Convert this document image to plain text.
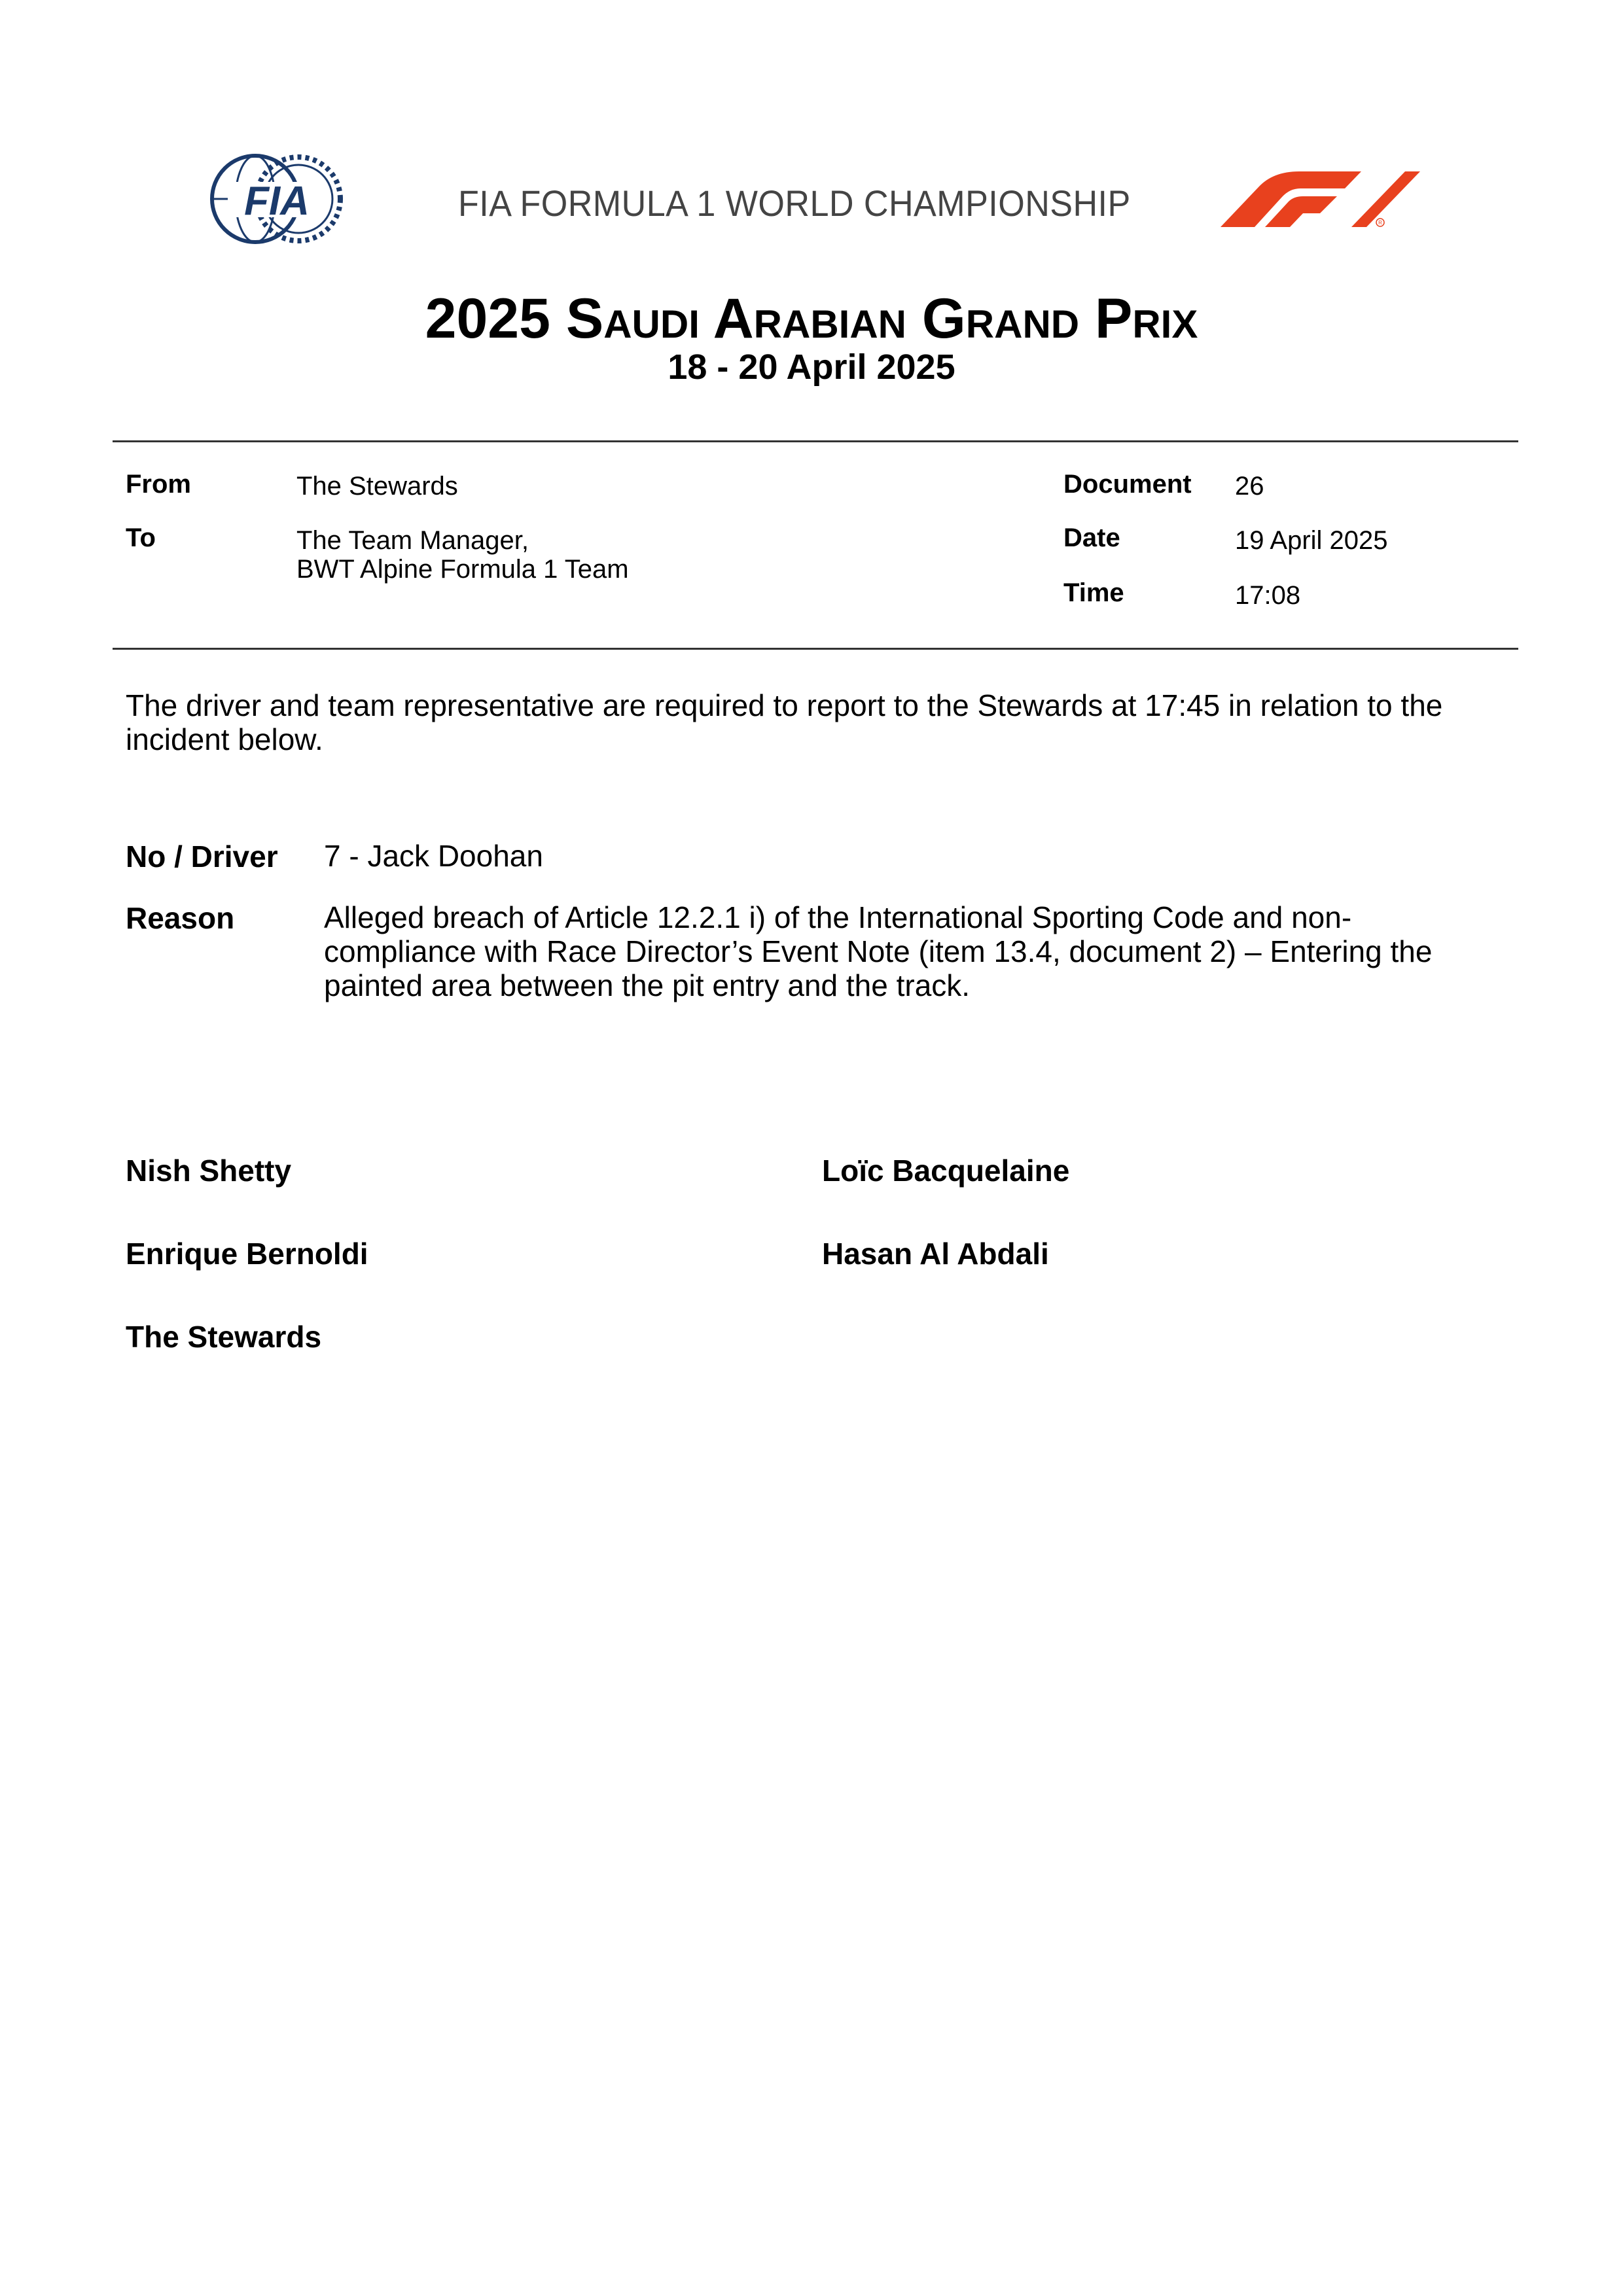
FIA	FIA FORMULA 1 WORLD CHAMPIONSHIP	R
2025 Saudi Arabian Grand Prix
18 - 20 April 2025
From	The Stewards
To	The Team Manager,
BWT Alpine Formula 1 Team
Document 26
Date	19 April 2025
Time	17:08
The driver and team representative are required to report to the Stewards at 17:45 in relation to the
incident below.
No / Driver 7 - Jack Doohan
Reason	Alleged breach of Article 12.2.1 i) of the International Sporting Code and non-
compliance with Race Director’s Event Note (item 13.4, document 2) – Entering the
painted area between the pit entry and the track.
Nish Shetty	Loïc Bacquelaine
Enrique Bernoldi	Hasan Al Abdali
The Stewards
